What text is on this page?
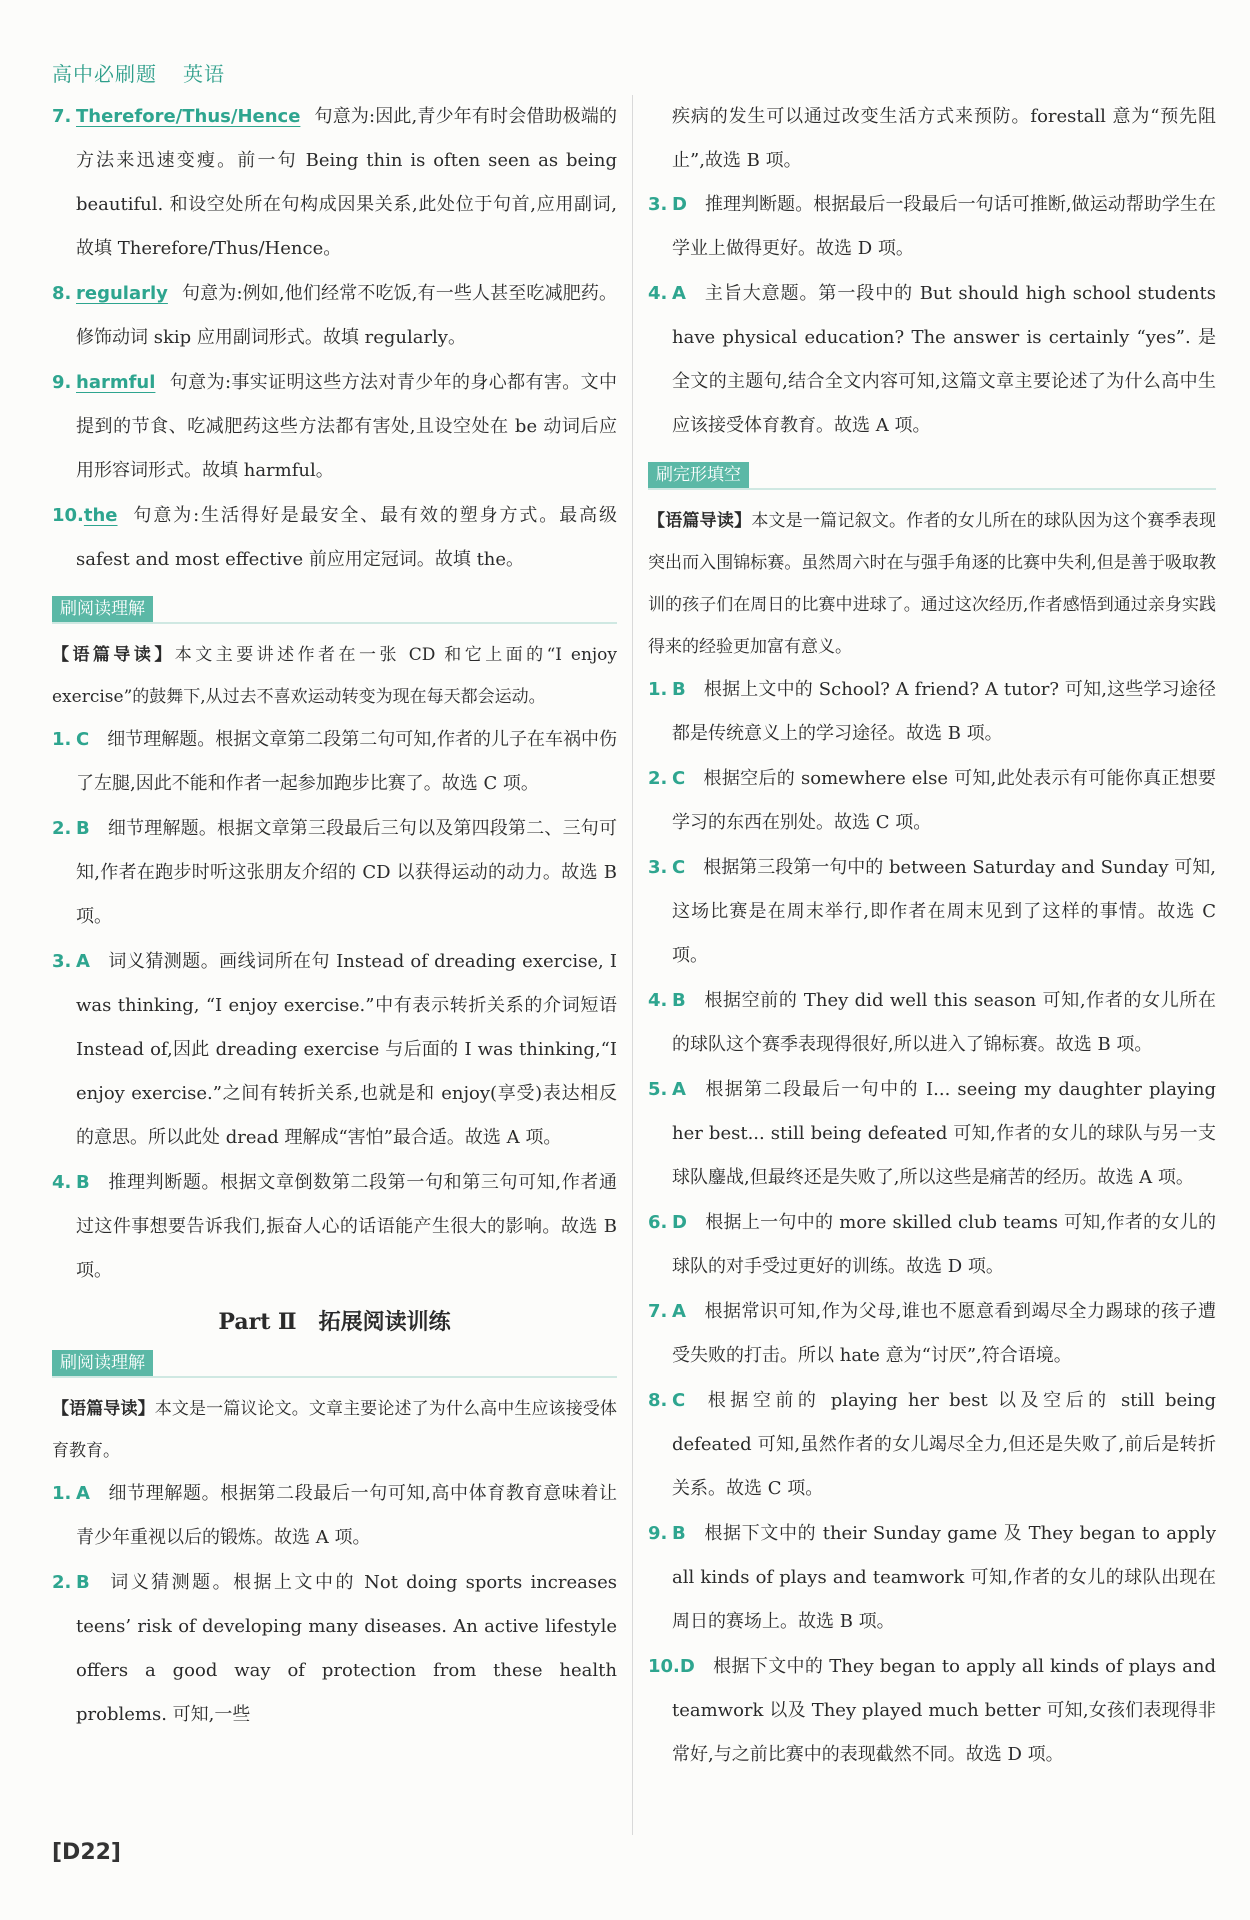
高中必刷题 英语

7. Therefore/Thus/Hence 句意为:因此,青少年有时会借助极端的方法来迅速变瘦。前一句 Being thin is often seen as being beautiful. 和设空处所在句构成因果关系,此处位于句首,应用副词,故填 Therefore/Thus/Hence。

8. regularly 句意为:例如,他们经常不吃饭,有一些人甚至吃减肥药。修饰动词 skip 应用副词形式。故填 regularly。

9. harmful 句意为:事实证明这些方法对青少年的身心都有害。文中提到的节食、吃减肥药这些方法都有害处,且设空处在 be 动词后应用形容词形式。故填 harmful。

10.the 句意为:生活得好是最安全、最有效的塑身方式。最高级 safest and most effective 前应用定冠词。故填 the。

刷阅读理解

【语篇导读】本文主要讲述作者在一张 CD 和它上面的“I enjoy exercise”的鼓舞下,从过去不喜欢运动转变为现在每天都会运动。

1. C 细节理解题。根据文章第二段第二句可知,作者的儿子在车祸中伤了左腿,因此不能和作者一起参加跑步比赛了。故选 C 项。

2. B 细节理解题。根据文章第三段最后三句以及第四段第二、三句可知,作者在跑步时听这张朋友介绍的 CD 以获得运动的动力。故选 B 项。

3. A 词义猜测题。画线词所在句 Instead of dreading exercise, I was thinking, “I enjoy exercise.”中有表示转折关系的介词短语 Instead of,因此 dreading exercise 与后面的 I was thinking,“I enjoy exercise.”之间有转折关系,也就是和 enjoy(享受)表达相反的意思。所以此处 dread 理解成“害怕”最合适。故选 A 项。

4. B 推理判断题。根据文章倒数第二段第一句和第三句可知,作者通过这件事想要告诉我们,振奋人心的话语能产生很大的影响。故选 B 项。

Part Ⅱ　拓展阅读训练
刷阅读理解

【语篇导读】本文是一篇议论文。文章主要论述了为什么高中生应该接受体育教育。

1. A 细节理解题。根据第二段最后一句可知,高中体育教育意味着让青少年重视以后的锻炼。故选 A 项。

2. B 词义猜测题。根据上文中的 Not doing sports increases teens’ risk of developing many diseases. An active lifestyle offers a good way of protection from these health problems. 可知,一些

疾病的发生可以通过改变生活方式来预防。forestall 意为“预先阻止”,故选 B 项。

3. D 推理判断题。根据最后一段最后一句话可推断,做运动帮助学生在学业上做得更好。故选 D 项。

4. A 主旨大意题。第一段中的 But should high school students have physical education? The answer is certainly “yes”. 是全文的主题句,结合全文内容可知,这篇文章主要论述了为什么高中生应该接受体育教育。故选 A 项。

刷完形填空

【语篇导读】本文是一篇记叙文。作者的女儿所在的球队因为这个赛季表现突出而入围锦标赛。虽然周六时在与强手角逐的比赛中失利,但是善于吸取教训的孩子们在周日的比赛中进球了。通过这次经历,作者感悟到通过亲身实践得来的经验更加富有意义。

1. B 根据上文中的 School? A friend? A tutor? 可知,这些学习途径都是传统意义上的学习途径。故选 B 项。

2. C 根据空后的 somewhere else 可知,此处表示有可能你真正想要学习的东西在别处。故选 C 项。

3. C 根据第三段第一句中的 between Saturday and Sunday 可知,这场比赛是在周末举行,即作者在周末见到了这样的事情。故选 C 项。

4. B 根据空前的 They did well this season 可知,作者的女儿所在的球队这个赛季表现得很好,所以进入了锦标赛。故选 B 项。

5. A 根据第二段最后一句中的 I... seeing my daughter playing her best... still being defeated 可知,作者的女儿的球队与另一支球队鏖战,但最终还是失败了,所以这些是痛苦的经历。故选 A 项。

6. D 根据上一句中的 more skilled club teams 可知,作者的女儿的球队的对手受过更好的训练。故选 D 项。

7. A 根据常识可知,作为父母,谁也不愿意看到竭尽全力踢球的孩子遭受失败的打击。所以 hate 意为“讨厌”,符合语境。

8. C 根据空前的 playing her best 以及空后的 still being defeated 可知,虽然作者的女儿竭尽全力,但还是失败了,前后是转折关系。故选 C 项。

9. B 根据下文中的 their Sunday game 及 They began to apply all kinds of plays and teamwork 可知,作者的女儿的球队出现在周日的赛场上。故选 B 项。

10.D 根据下文中的 They began to apply all kinds of plays and teamwork 以及 They played much better 可知,女孩们表现得非常好,与之前比赛中的表现截然不同。故选 D 项。

[D22]
